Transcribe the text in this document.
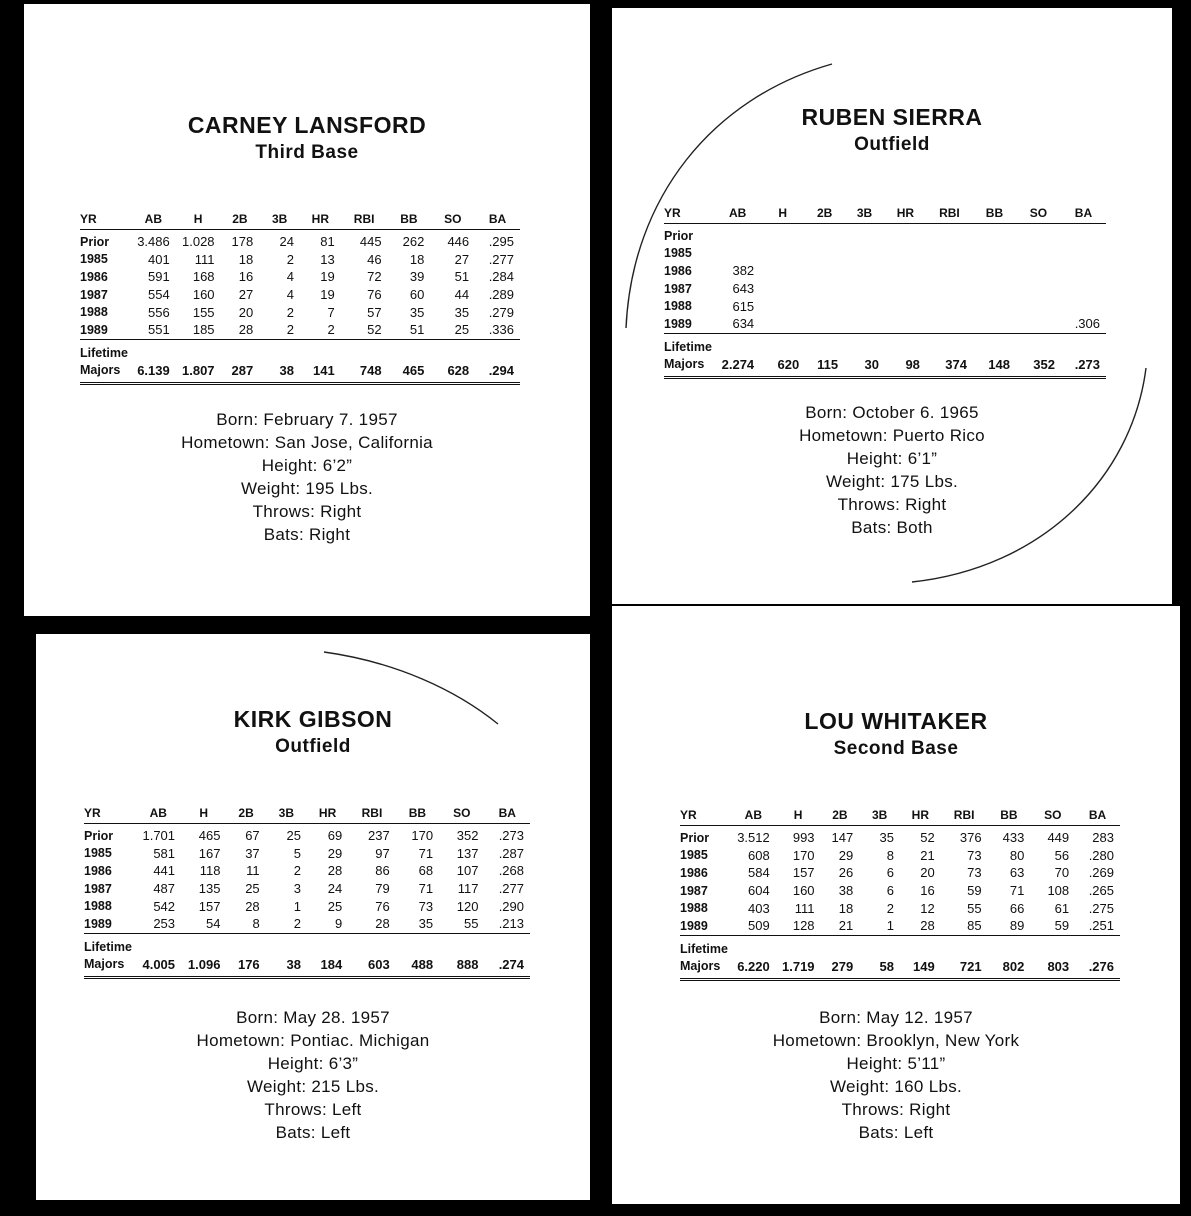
CARNEY LANSFORD
Third Base
YR	AB	H	2B	3B	HR	RBI	BB	SO	BA
Prior	3.486	1.028	178	24	81	445	262	446	.295
1985	401	111	18	2	13	46	18	27	.277
1986	591	168	16	4	19	72	39	51	.284
1987	554	160	27	4	19	76	60	44	.289
1988	556	155	20	2	7	57	35	35	.279
1989	551	185	28	2	2	52	51	25	.336
Lifetime									
Majors	6.139	1.807	287	38	141	748	465	628	.294
Born: February 7. 1957
Hometown: San Jose, California
Height: 6’2”
Weight: 195 Lbs.
Throws: Right
Bats: Right
RUBEN SIERRA
Outfield
YR	AB	H	2B	3B	HR	RBI	BB	SO	BA
Prior									
1985									
1986	382								
1987	643								
1988	615								
1989	634								.306
Lifetime									
Majors	2.274	620	115	30	98	374	148	352	.273
Born: October 6. 1965
Hometown: Puerto Rico
Height: 6’1”
Weight: 175 Lbs.
Throws: Right
Bats: Both
KIRK GIBSON
Outfield
YR	AB	H	2B	3B	HR	RBI	BB	SO	BA
Prior	1.701	465	67	25	69	237	170	352	.273
1985	581	167	37	5	29	97	71	137	.287
1986	441	118	11	2	28	86	68	107	.268
1987	487	135	25	3	24	79	71	117	.277
1988	542	157	28	1	25	76	73	120	.290
1989	253	54	8	2	9	28	35	55	.213
Lifetime									
Majors	4.005	1.096	176	38	184	603	488	888	.274
Born: May 28. 1957
Hometown: Pontiac. Michigan
Height: 6’3”
Weight: 215 Lbs.
Throws: Left
Bats: Left
LOU WHITAKER
Second Base
YR	AB	H	2B	3B	HR	RBI	BB	SO	BA
Prior	3.512	993	147	35	52	376	433	449	283
1985	608	170	29	8	21	73	80	56	.280
1986	584	157	26	6	20	73	63	70	.269
1987	604	160	38	6	16	59	71	108	.265
1988	403	111	18	2	12	55	66	61	.275
1989	509	128	21	1	28	85	89	59	.251
Lifetime									
Majors	6.220	1.719	279	58	149	721	802	803	.276
Born: May 12. 1957
Hometown: Brooklyn, New York
Height: 5’11”
Weight: 160 Lbs.
Throws: Right
Bats: Left
